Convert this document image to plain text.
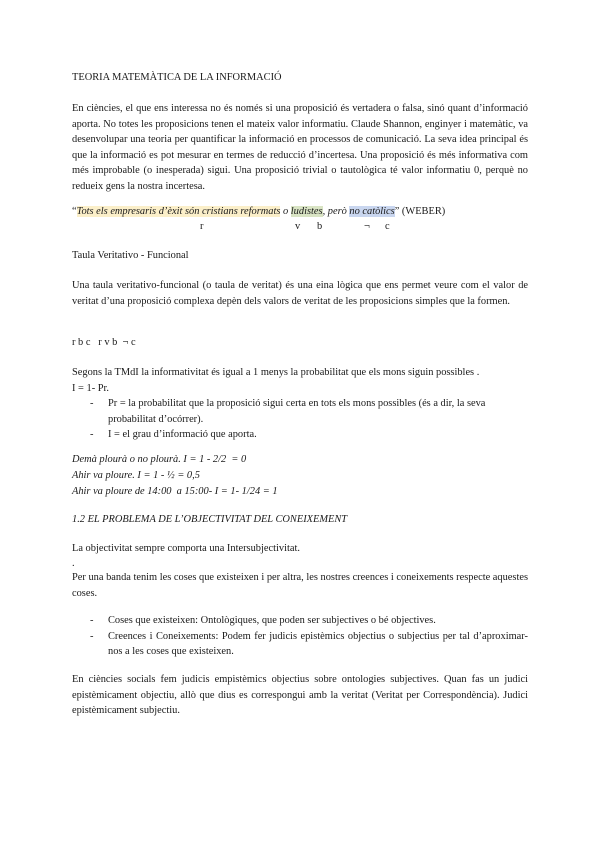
TEORIA MATEMÀTICA DE LA INFORMACIÓ
En ciències, el que ens interessa no és només si una proposició és vertadera o falsa, sinó quant d’informació aporta. No totes les proposicions tenen el mateix valor informatiu. Claude Shannon, enginyer i matemàtic, va desenvolupar una teoria per quantificar la informació en processos de comunicació. La seva idea principal és que la informació es pot mesurar en termes de reducció d’incertesa. Una proposició és més informativa com més improbable (o inesperada) sigui. Una proposició trivial o tautològica té valor informatiu 0, perquè no redueix gens la nostra incertesa.
“Tots els empresaris d’èxit són cristians reformats o ludistes, però no catòlics” (WEBER)
r	v b	¬ c
Taula Veritativo - Funcional
Una taula veritativo-funcional (o taula de veritat) és una eina lògica que ens permet veure com el valor de veritat d’una proposició complexa depèn dels valors de veritat de les proposicions simples que la formen.
r b c   r v b  ¬ c
Segons la TMdI la informativitat és igual a 1 menys la probabilitat que els mons siguin possibles .
I = 1- Pr.
- Pr = la probabilitat que la proposició sigui certa en tots els mons possibles (és a dir, la seva probabilitat d’ocórrer).
- I = el grau d’informació que aporta.
Demà plourà o no plourà. I = 1 - 2/2  = 0
Ahir va ploure. I = 1 - ½ = 0,5
Ahir va ploure de 14:00  a 15:00- I = 1- 1/24 = 1
1.2 EL PROBLEMA DE L’OBJECTIVITAT DEL CONEIXEMENT
La objectivitat sempre comporta una Intersubjectivitat.
.
Per una banda tenim les coses que existeixen i per altra, les nostres creences i coneixements respecte aquestes coses.
- Coses que existeixen: Ontològiques, que poden ser subjectives o bé objectives.
- Creences i Coneixements: Podem fer judicis epistèmics objectius o subjectius per tal d’aproximar-nos a les coses que existeixen.
En ciències socials fem judicis empistèmics objectius sobre ontologies subjectives. Quan fas un judici epistèmicament objectiu, allò que dius es correspongui amb la veritat (Veritat per Correspondència). Judici epistèmicament subjectiu.
